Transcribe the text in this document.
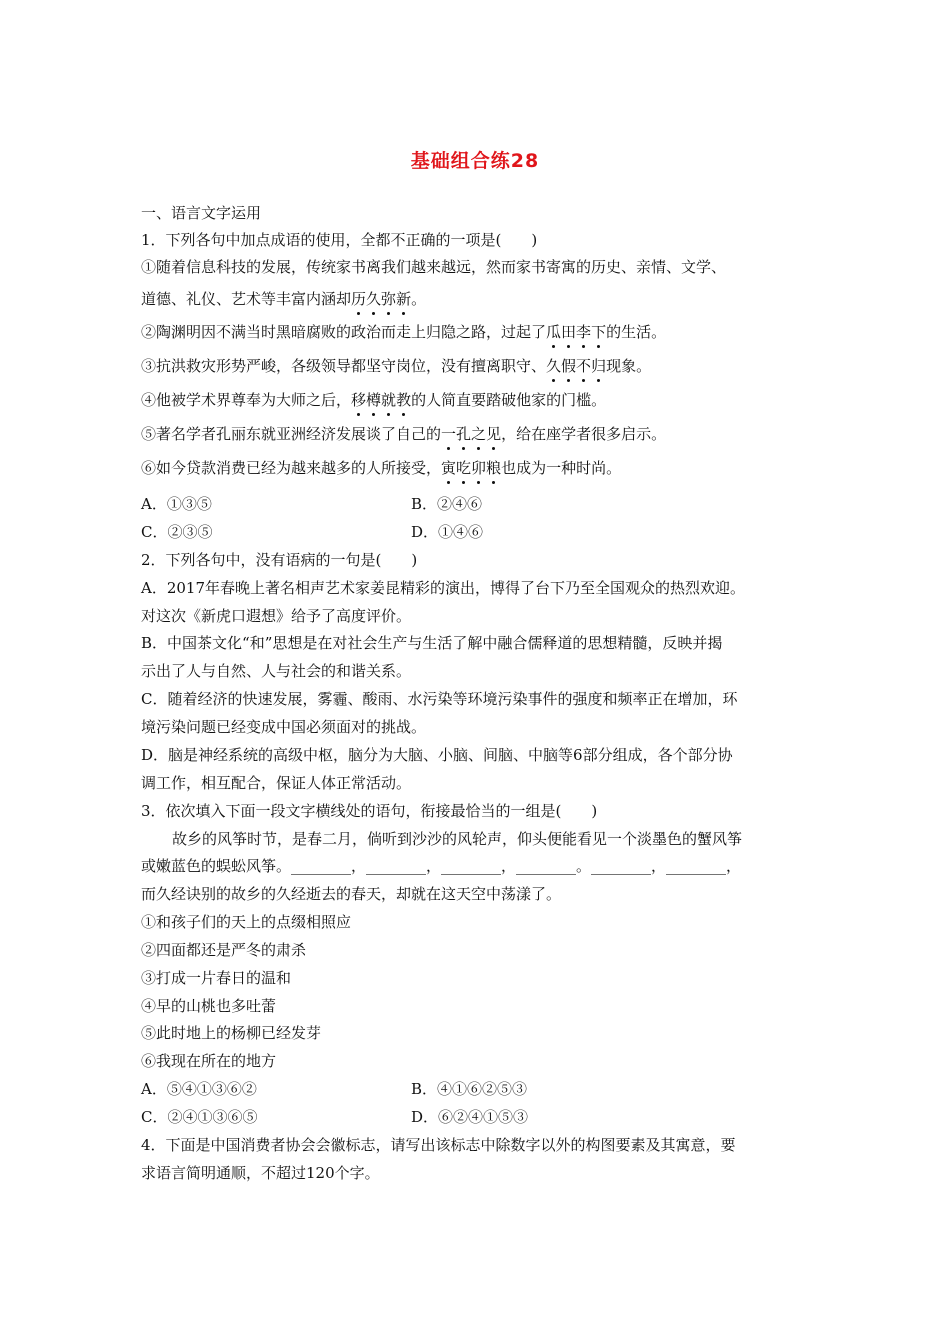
基础组合练28
一、语言文字运用
1．下列各句中加点成语的使用，全都不正确的一项是(　　)
①随着信息科技的发展，传统家书离我们越来越远，然而家书寄寓的历史、亲情、文学、
道德、礼仪、艺术等丰富内涵却历久弥新。
②陶渊明因不满当时黑暗腐败的政治而走上归隐之路，过起了瓜田李下的生活。
③抗洪救灾形势严峻，各级领导都坚守岗位，没有擅离职守、久假不归现象。
④他被学术界尊奉为大师之后，移樽就教的人简直要踏破他家的门槛。
⑤著名学者孔丽东就亚洲经济发展谈了自己的一孔之见，给在座学者很多启示。
⑥如今贷款消费已经为越来越多的人所接受，寅吃卯粮也成为一种时尚。
A．①③⑤	B．②④⑥
C．②③⑤	D．①④⑥
2．下列各句中，没有语病的一句是(　　)
A．2017年春晚上著名相声艺术家姜昆精彩的演出，博得了台下乃至全国观众的热烈欢迎。
对这次《新虎口遐想》给予了高度评价。
B．中国茶文化“和”思想是在对社会生产与生活了解中融合儒释道的思想精髓，反映并揭
示出了人与自然、人与社会的和谐关系。
C．随着经济的快速发展，雾霾、酸雨、水污染等环境污染事件的强度和频率正在增加，环
境污染问题已经变成中国必须面对的挑战。
D．脑是神经系统的高级中枢，脑分为大脑、小脑、间脑、中脑等6部分组成，各个部分协
调工作，相互配合，保证人体正常活动。
3．依次填入下面一段文字横线处的语句，衔接最恰当的一组是(　　)
故乡的风筝时节，是春二月，倘听到沙沙的风轮声，仰头便能看见一个淡墨色的蟹风筝
或嫩蓝色的蜈蚣风筝。________，________，________，________。________，________，
而久经诀别的故乡的久经逝去的春天，却就在这天空中荡漾了。
①和孩子们的天上的点缀相照应
②四面都还是严冬的肃杀
③打成一片春日的温和
④早的山桃也多吐蕾
⑤此时地上的杨柳已经发芽
⑥我现在所在的地方
A．⑤④①③⑥②	B．④①⑥②⑤③
C．②④①③⑥⑤	D．⑥②④①⑤③
4．下面是中国消费者协会会徽标志，请写出该标志中除数字以外的构图要素及其寓意，要
求语言简明通顺，不超过120个字。
